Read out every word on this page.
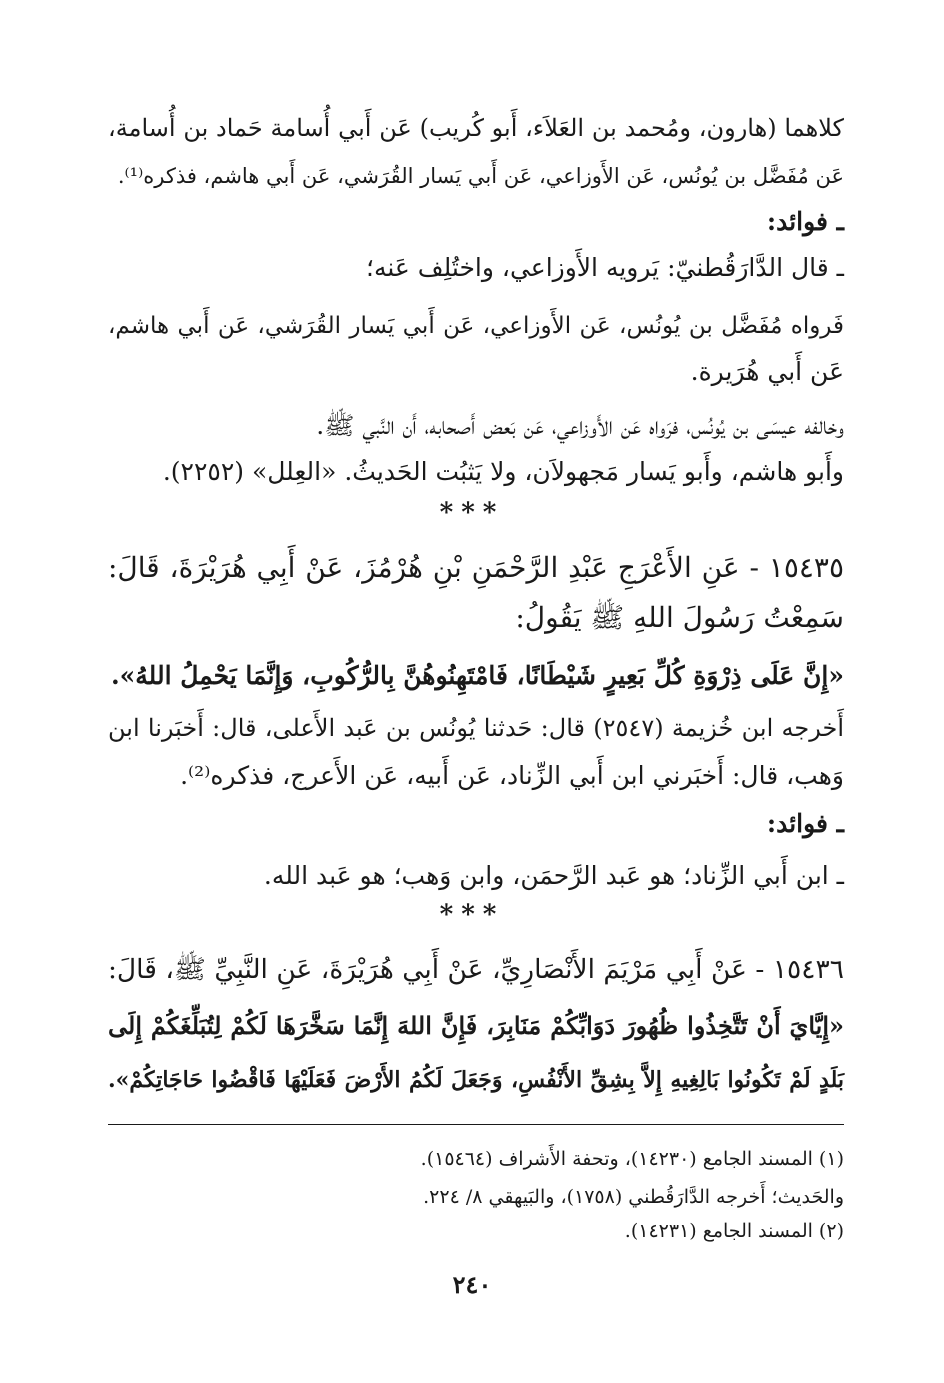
كلاهما (هارون، ومُحمد بن العَلاَء، أَبو كُريب) عَن أَبي أُسامة حَماد بن أُسامة،
عَن مُفَضَّل بن يُونُس، عَن الأَوزاعي، عَن أَبي يَسار القُرَشي، عَن أَبي هاشم، فذكره⁽¹⁾.
ـ فوائد:
ـ قال الدَّارَقُطنيّ: يَرويه الأَوزاعي، واختُلِف عَنه؛
فَرواه مُفَضَّل بن يُونُس، عَن الأَوزاعي، عَن أَبي يَسار القُرَشي، عَن أَبي هاشم،
عَن أَبي هُرَيرة.
وخالفه عيسَى بن يُونُس، فرَواه عَن الأَوزاعي، عَن بَعض أَصحابه، أَن النَّبي ﷺ.
وأَبو هاشم، وأَبو يَسار مَجهولاَن، ولا يَثبُت الحَديثُ. «العِلل» (٢٢٥٢).
***
١٥٤٣٥ - عَنِ الأَعْرَجِ عَبْدِ الرَّحْمَنِ بْنِ هُرْمُزَ، عَنْ أَبِي هُرَيْرَةَ، قَالَ:
سَمِعْتُ رَسُولَ اللهِ ﷺ يَقُولُ:
«إِنَّ عَلَى ذِرْوَةِ كُلِّ بَعِيرٍ شَيْطَانًا، فَامْتَهِنُوهُنَّ بِالرُّكُوبِ، وَإِنَّمَا يَحْمِلُ اللهُ».
أَخرجه ابن خُزيمة (٢٥٤٧) قال: حَدثنا يُونُس بن عَبد الأَعلى، قال: أَخبَرنا ابن
وَهب، قال: أَخبَرني ابن أَبي الزِّناد، عَن أَبيه، عَن الأَعرج، فذكره⁽²⁾.
ـ فوائد:
ـ ابن أَبي الزِّناد؛ هو عَبد الرَّحمَن، وابن وَهب؛ هو عَبد الله.
***
١٥٤٣٦ - عَنْ أَبِي مَرْيَمَ الأَنْصَارِيِّ، عَنْ أَبِي هُرَيْرَةَ، عَنِ النَّبِيِّ ﷺ، قَالَ:
«إِيَّايَ أَنْ تَتَّخِذُوا ظُهُورَ دَوَابِّكُمْ مَنَابِرَ، فَإِنَّ اللهَ إِنَّمَا سَخَّرَهَا لَكُمْ لِتُبَلِّغَكُمْ إِلَى
بَلَدٍ لَمْ تَكُونُوا بَالِغِيهِ إِلاَّ بِشِقِّ الأَنْفُسِ، وَجَعَلَ لَكُمُ الأَرْضَ فَعَلَيْهَا فَاقْضُوا حَاجَاتِكُمْ».
(١) المسند الجامع (١٤٢٣٠)، وتحفة الأَشراف (١٥٤٦٤).
والحَديث؛ أَخرجه الدَّارَقُطني (١٧٥٨)، والبَيهقي ٨/ ٢٢٤.
(٢) المسند الجامع (١٤٢٣١).
٢٤٠
